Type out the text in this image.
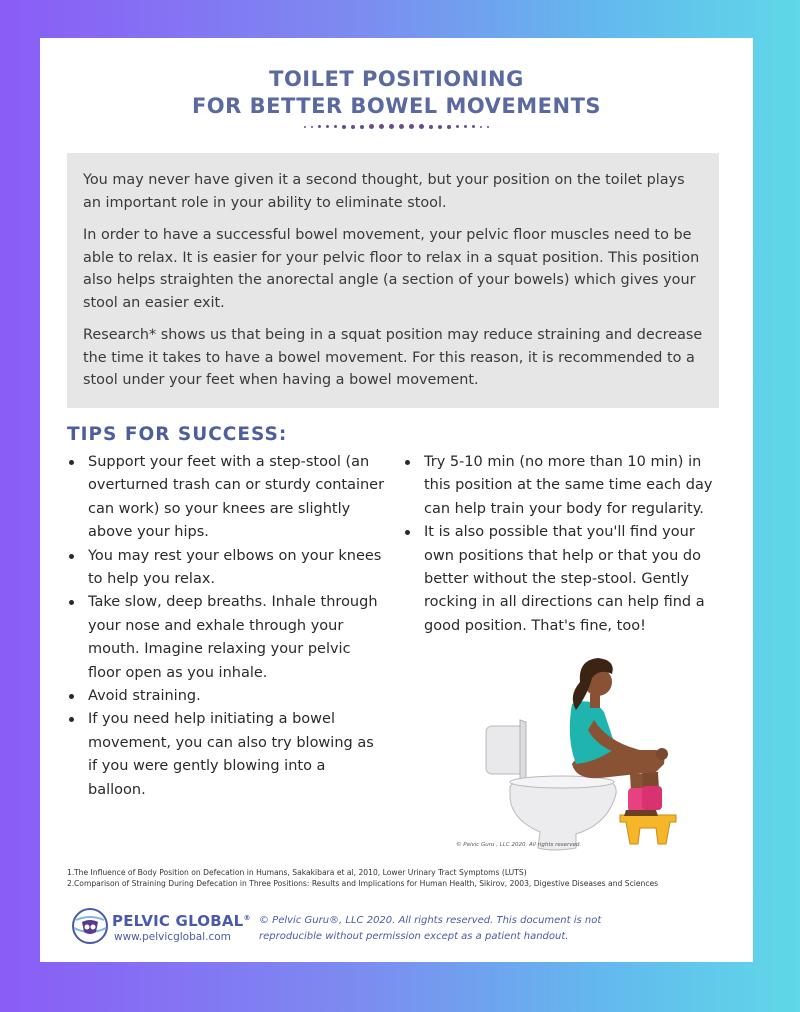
TOILET POSITIONING
FOR BETTER BOWEL MOVEMENTS

You may never have given it a second thought, but your position on the toilet plays an important role in your ability to eliminate stool.

In order to have a successful bowel movement, your pelvic floor muscles need to be able to relax. It is easier for your pelvic floor to relax in a squat position. This position also helps straighten the anorectal angle (a section of your bowels) which gives your stool an easier exit.

Research* shows us that being in a squat position may reduce straining and decrease the time it takes to have a bowel movement. For this reason, it is recommended to a stool under your feet when having a bowel movement.

TIPS FOR SUCCESS:
Support your feet with a step-stool (an overturned trash can or sturdy container can work) so your knees are slightly above your hips.
You may rest your elbows on your knees to help you relax.
Take slow, deep breaths. Inhale through your nose and exhale through your mouth. Imagine relaxing your pelvic floor open as you inhale.
Avoid straining.
If you need help initiating a bowel movement, you can also try blowing as if you were gently blowing into a balloon.
Try 5-10 min (no more than 10 min) in this position at the same time each day can help train your body for regularity.
It is also possible that you'll find your own positions that help or that you do better without the step-stool. Gently rocking in all directions can help find a good position. That's fine, too!
© Pelvic Guru , LLC 2020. All rights reserved.
1. The Influence of Body Position on Defecation in Humans, Sakakibara et al, 2010, Lower Urinary Tract Symptoms (LUTS)
2. Comparison of Straining During Defecation in Three Positions: Results and Implications for Human Health, Sikirov, 2003, Digestive Diseases and Sciences
PELVIC GLOBAL®
www.pelvicglobal.com
© Pelvic Guru®, LLC 2020. All rights reserved. This document is not reproducible without permission except as a patient handout.
